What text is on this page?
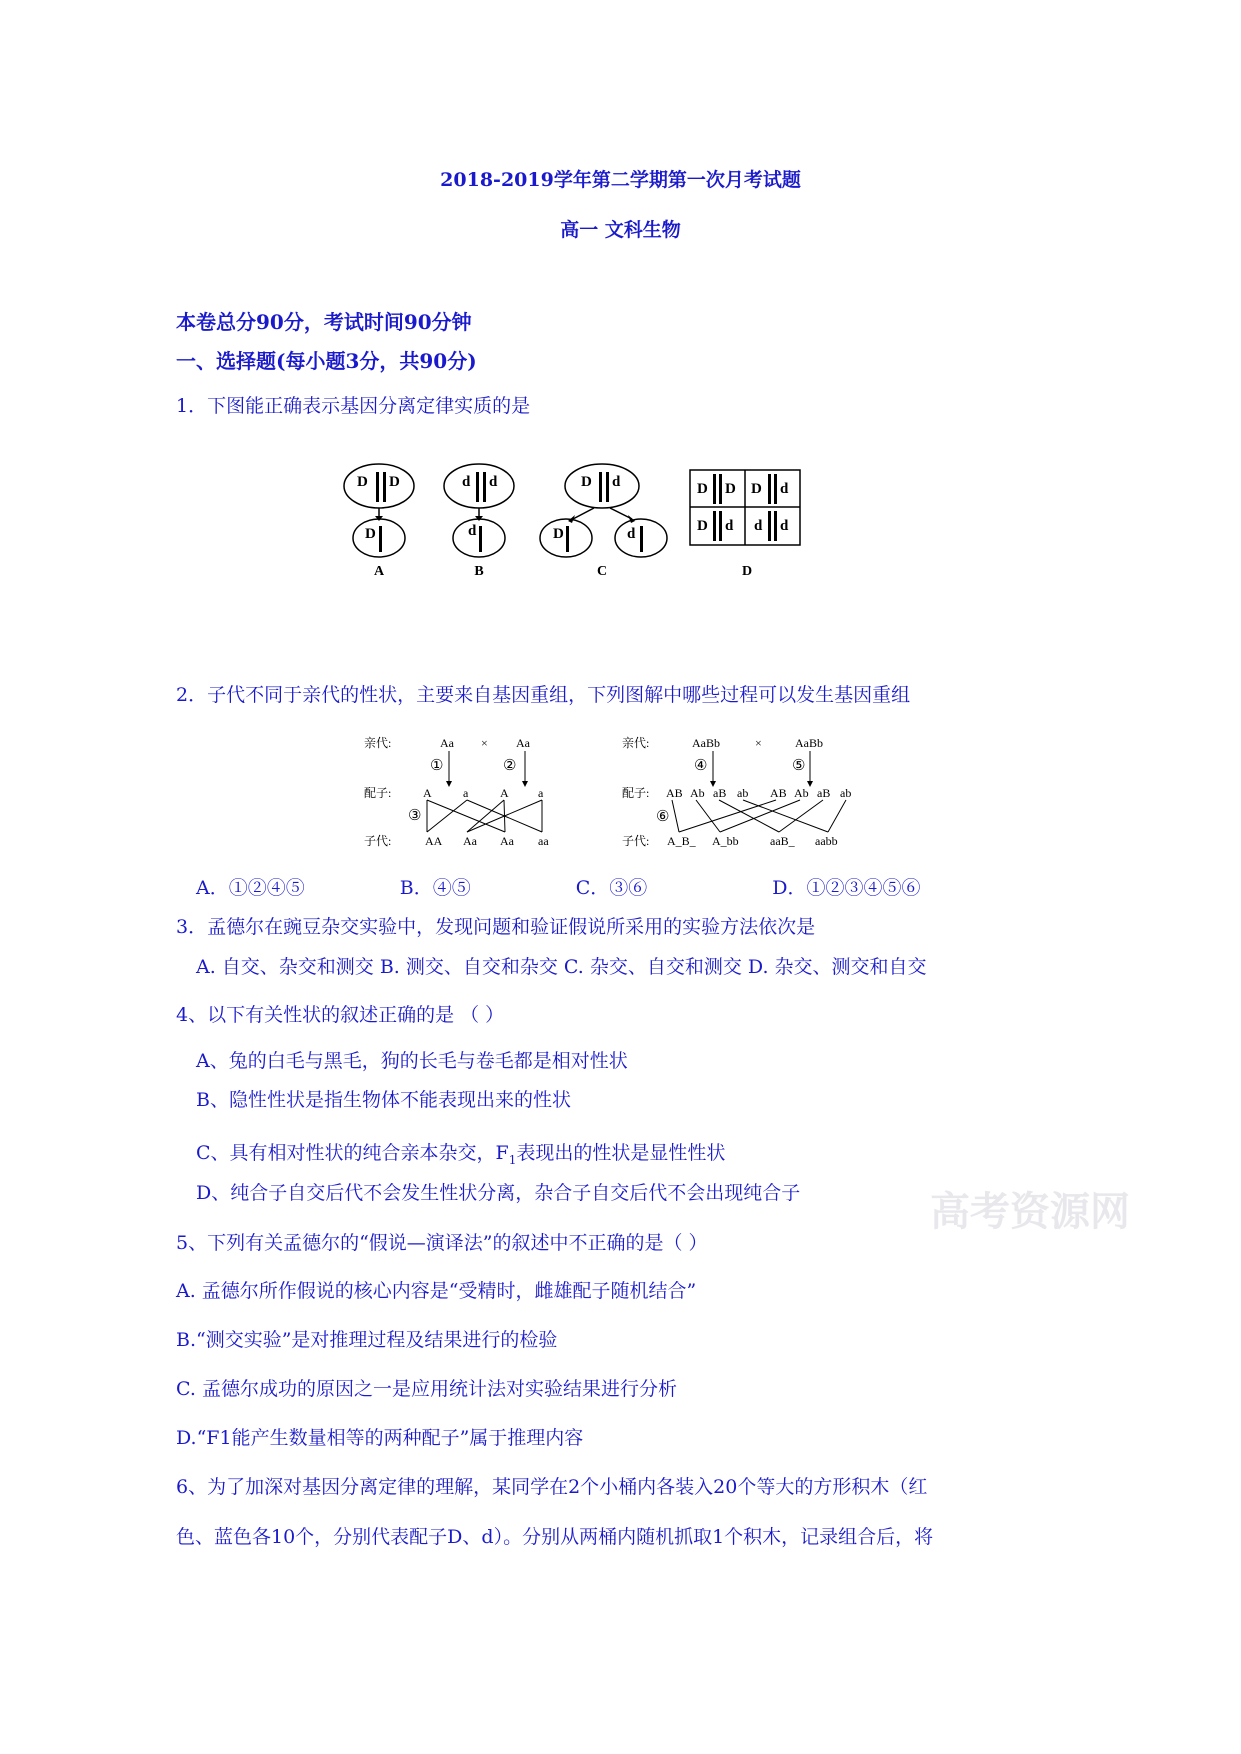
2018-2019学年第二学期第一次月考试题
高一 文科生物
本卷总分90分，考试时间90分钟
一、选择题(每小题3分，共90分)
1．下图能正确表示基因分离定律实质的是
D D
D
d d
d
D d
D	d
D D D d
D d d d
A	B	C	D
2．子代不同于亲代的性状，主要来自基因重组，下列图解中哪些过程可以发生基因重组
亲代:	Aa × Aa
①	②
配子:	A	a	A a
③
子代:	AA Aa Aa aa
亲代:	AaBb	×	AaBb
④	⑤
配子: AB Ab aB ab AB Ab aB ab
⑥
子代: A_B_ A_bb	aaB_ aabb
A．①②④⑤	B．④⑤	C．③⑥	D．①②③④⑤⑥
3．孟德尔在豌豆杂交实验中，发现问题和验证假说所采用的实验方法依次是
A. 自交、杂交和测交 B. 测交、自交和杂交 C. 杂交、自交和测交 D. 杂交、测交和自交
4、以下有关性状的叙述正确的是 （ ）
A、兔的白毛与黑毛，狗的长毛与卷毛都是相对性状
B、隐性性状是指生物体不能表现出来的性状
C、具有相对性状的纯合亲本杂交，$F_1$表现出的性状是显性性状
D、纯合子自交后代不会发生性状分离，杂合子自交后代不会出现纯合子	高考资源网
5、下列有关孟德尔的“假说—演译法”的叙述中不正确的是（ ）
A. 孟德尔所作假说的核心内容是“受精时，雌雄配子随机结合”
B.“测交实验”是对推理过程及结果进行的检验
C. 孟德尔成功的原因之一是应用统计法对实验结果进行分析
D.“F1能产生数量相等的两种配子”属于推理内容
6、为了加深对基因分离定律的理解，某同学在2个小桶内各装入20个等大的方形积木（红
色、蓝色各10个，分别代表配子D、d）。分别从两桶内随机抓取1个积木，记录组合后，将
